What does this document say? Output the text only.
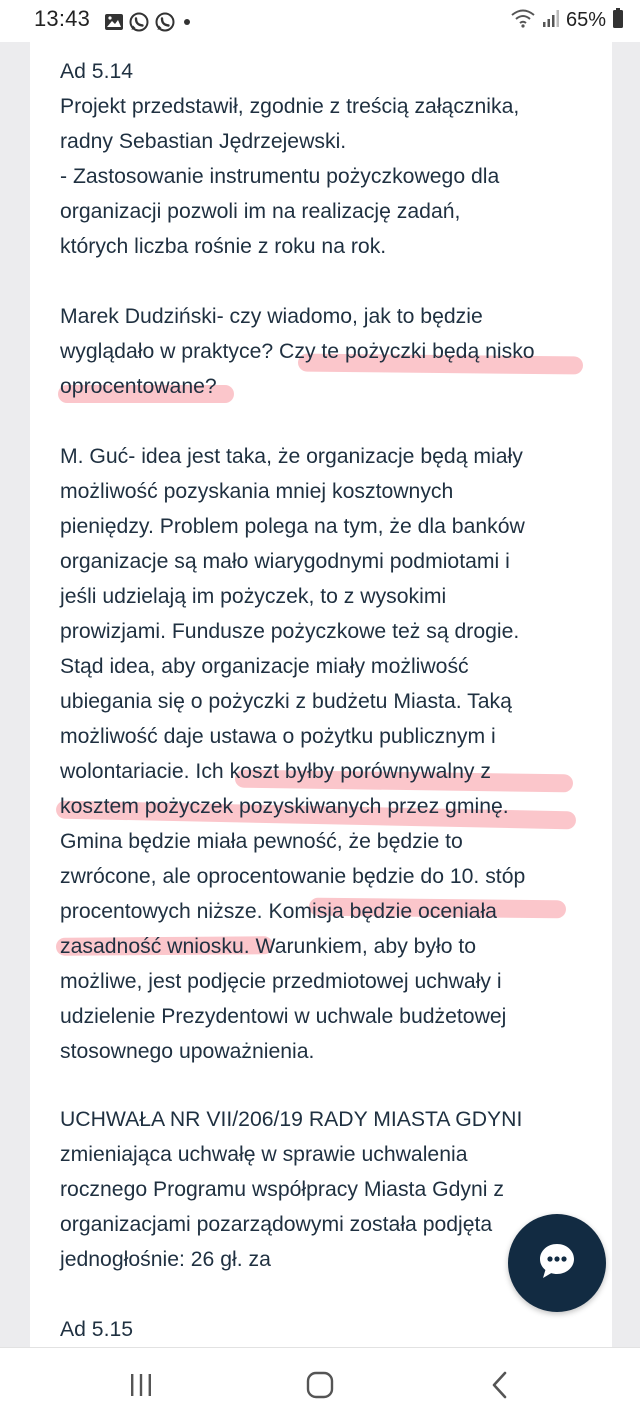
13:43	65%
Ad 5.14
Projekt przedstawił, zgodnie z treścią załącznika,
radny Sebastian Jędrzejewski.
- Zastosowanie instrumentu pożyczkowego dla
organizacji pozwoli im na realizację zadań,
których liczba rośnie z roku na rok.
Marek Dudziński- czy wiadomo, jak to będzie
wyglądało w praktyce? Czy te pożyczki będą nisko
oprocentowane?
M. Guć- idea jest taka, że organizacje będą miały
możliwość pozyskania mniej kosztownych
pieniędzy. Problem polega na tym, że dla banków
organizacje są mało wiarygodnymi podmiotami i
jeśli udzielają im pożyczek, to z wysokimi
prowizjami. Fundusze pożyczkowe też są drogie.
Stąd idea, aby organizacje miały możliwość
ubiegania się o pożyczki z budżetu Miasta. Taką
możliwość daje ustawa o pożytku publicznym i
wolontariacie. Ich koszt byłby porównywalny z
kosztem pożyczek pozyskiwanych przez gminę.
Gmina będzie miała pewność, że będzie to
zwrócone, ale oprocentowanie będzie do 10. stóp
procentowych niższe. Komisja będzie oceniała
zasadność wniosku. Warunkiem, aby było to
możliwe, jest podjęcie przedmiotowej uchwały i
udzielenie Prezydentowi w uchwale budżetowej
stosownego upoważnienia.
UCHWAŁA NR VII/206/19 RADY MIASTA GDYNI
zmieniająca uchwałę w sprawie uchwalenia
rocznego Programu współpracy Miasta Gdyni z
organizacjami pozarządowymi została podjęta
jednogłośnie: 26 gł. za
Ad 5.15
